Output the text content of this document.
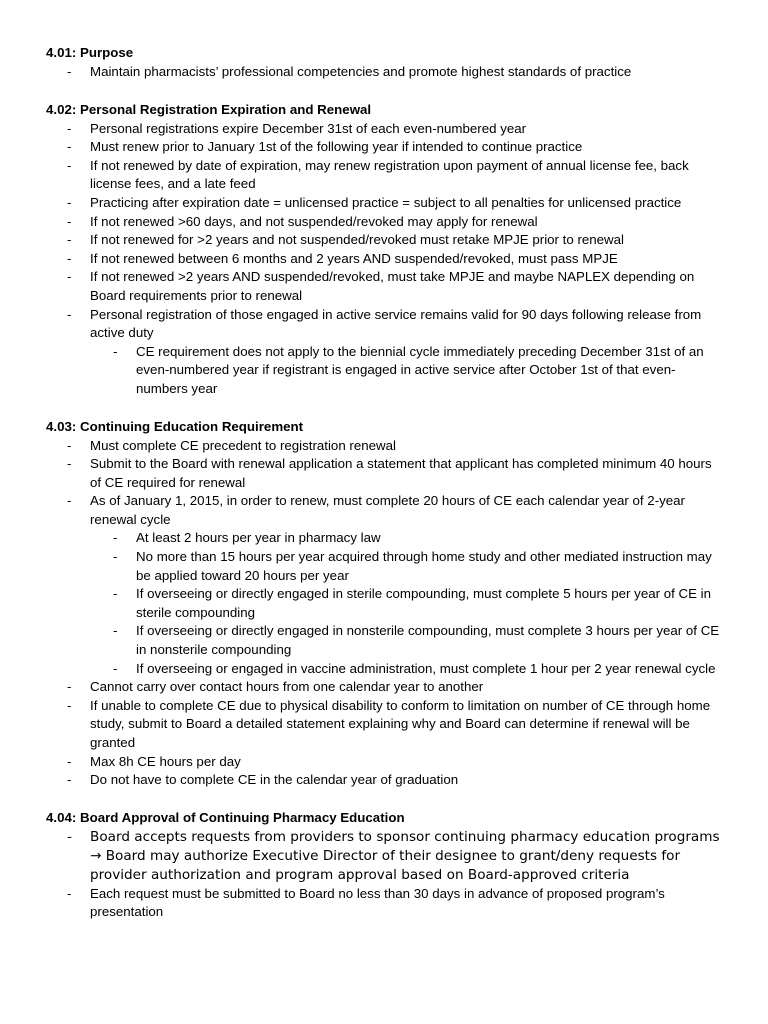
4.01: Purpose
- Maintain pharmacists’ professional competencies and promote highest standards of practice
4.02: Personal Registration Expiration and Renewal
- Personal registrations expire December 31st of each even-numbered year
- Must renew prior to January 1st of the following year if intended to continue practice
- If not renewed by date of expiration, may renew registration upon payment of annual license fee, back license fees, and a late feed
- Practicing after expiration date = unlicensed practice = subject to all penalties for unlicensed practice
- If not renewed >60 days, and not suspended/revoked may apply for renewal
- If not renewed for >2 years and not suspended/revoked must retake MPJE prior to renewal
- If not renewed between 6 months and 2 years AND suspended/revoked, must pass MPJE
- If not renewed >2 years AND suspended/revoked, must take MPJE and maybe NAPLEX depending on Board requirements prior to renewal
- Personal registration of those engaged in active service remains valid for 90 days following release from active duty
- CE requirement does not apply to the biennial cycle immediately preceding December 31st of an even-numbered year if registrant is engaged in active service after October 1st of that even-numbers year
4.03: Continuing Education Requirement
- Must complete CE precedent to registration renewal
- Submit to the Board with renewal application a statement that applicant has completed minimum 40 hours of CE required for renewal
- As of January 1, 2015, in order to renew, must complete 20 hours of CE each calendar year of 2-year renewal cycle
- At least 2 hours per year in pharmacy law
- No more than 15 hours per year acquired through home study and other mediated instruction may be applied toward 20 hours per year
- If overseeing or directly engaged in sterile compounding, must complete 5 hours per year of CE in sterile compounding
- If overseeing or directly engaged in nonsterile compounding, must complete 3 hours per year of CE in nonsterile compounding
- If overseeing or engaged in vaccine administration, must complete 1 hour per 2 year renewal cycle
- Cannot carry over contact hours from one calendar year to another
- If unable to complete CE due to physical disability to conform to limitation on number of CE through home study, submit to Board a detailed statement explaining why and Board can determine if renewal will be granted
- Max 8h CE hours per day
- Do not have to complete CE in the calendar year of graduation
4.04: Board Approval of Continuing Pharmacy Education
- Board accepts requests from providers to sponsor continuing pharmacy education programs → Board may authorize Executive Director of their designee to grant/deny requests for provider authorization and program approval based on Board-approved criteria
- Each request must be submitted to Board no less than 30 days in advance of proposed program’s presentation
